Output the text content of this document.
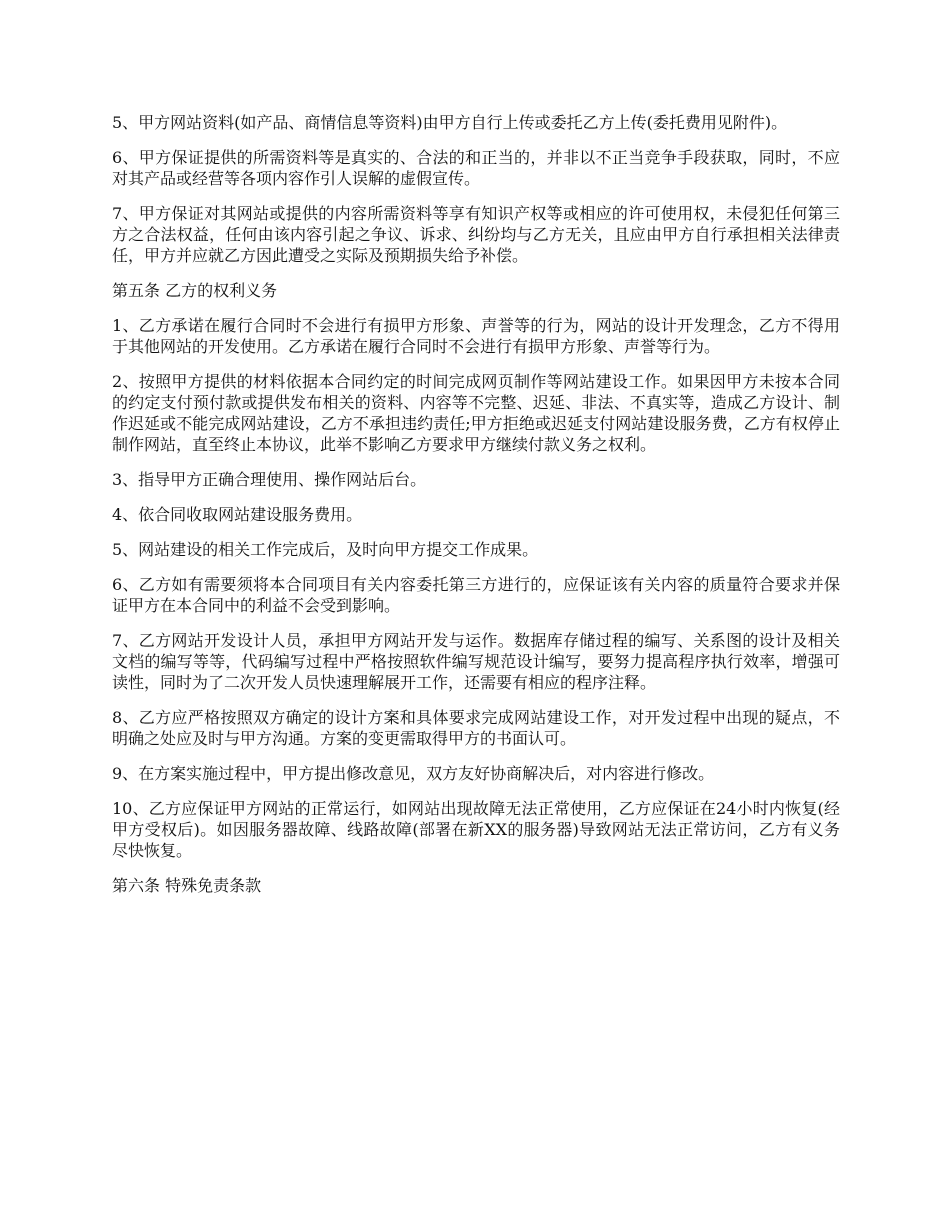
5、甲方网站资料(如产品、商情信息等资料)由甲方自行上传或委托乙方上传(委托费用见附件)。

6、甲方保证提供的所需资料等是真实的、合法的和正当的，并非以不正当竞争手段获取，同时，不应对其产品或经营等各项内容作引人误解的虚假宣传。

7、甲方保证对其网站或提供的内容所需资料等享有知识产权等或相应的许可使用权，未侵犯任何第三方之合法权益，任何由该内容引起之争议、诉求、纠纷均与乙方无关，且应由甲方自行承担相关法律责任，甲方并应就乙方因此遭受之实际及预期损失给予补偿。

第五条 乙方的权利义务

1、乙方承诺在履行合同时不会进行有损甲方形象、声誉等的行为，网站的设计开发理念，乙方不得用于其他网站的开发使用。乙方承诺在履行合同时不会进行有损甲方形象、声誉等行为。

2、按照甲方提供的材料依据本合同约定的时间完成网页制作等网站建设工作。如果因甲方未按本合同的约定支付预付款或提供发布相关的资料、内容等不完整、迟延、非法、不真实等，造成乙方设计、制作迟延或不能完成网站建设，乙方不承担违约责任;甲方拒绝或迟延支付网站建设服务费，乙方有权停止制作网站，直至终止本协议，此举不影响乙方要求甲方继续付款义务之权利。

3、指导甲方正确合理使用、操作网站后台。

4、依合同收取网站建设服务费用。

5、网站建设的相关工作完成后，及时向甲方提交工作成果。

6、乙方如有需要须将本合同项目有关内容委托第三方进行的，应保证该有关内容的质量符合要求并保证甲方在本合同中的利益不会受到影响。

7、乙方网站开发设计人员，承担甲方网站开发与运作。数据库存储过程的编写、关系图的设计及相关文档的编写等等，代码编写过程中严格按照软件编写规范设计编写，要努力提高程序执行效率，增强可读性，同时为了二次开发人员快速理解展开工作，还需要有相应的程序注释。

8、乙方应严格按照双方确定的设计方案和具体要求完成网站建设工作，对开发过程中出现的疑点，不明确之处应及时与甲方沟通。方案的变更需取得甲方的书面认可。

9、在方案实施过程中，甲方提出修改意见，双方友好协商解决后，对内容进行修改。

10、乙方应保证甲方网站的正常运行，如网站出现故障无法正常使用，乙方应保证在24小时内恢复(经甲方受权后)。如因服务器故障、线路故障(部署在新XX的服务器)导致网站无法正常访问，乙方有义务尽快恢复。

第六条 特殊免责条款
